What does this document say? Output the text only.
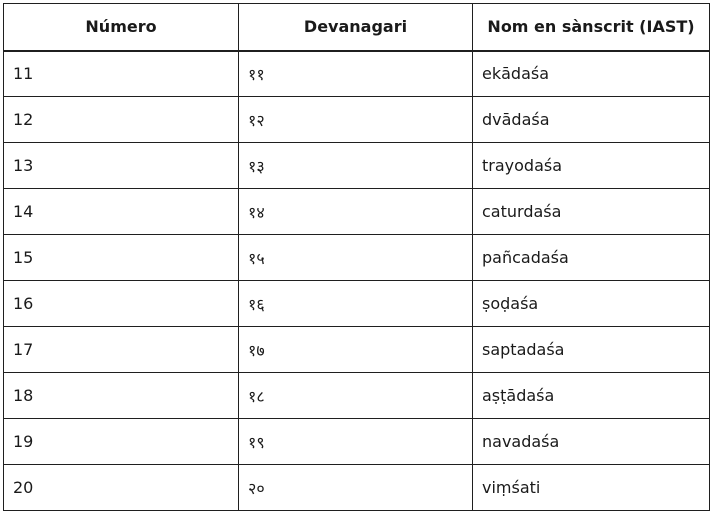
Número	Devanagari	Nom en sànscrit (IAST)
11	११	ekādaśa
12	१२	dvādaśa
13	१३	trayodaśa
14	१४	caturdaśa
15	१५	pañcadaśa
16	१६	ṣoḍaśa
17	१७	saptadaśa
18	१८	aṣṭādaśa
19	१९	navadaśa
20	२०	viṃśati
